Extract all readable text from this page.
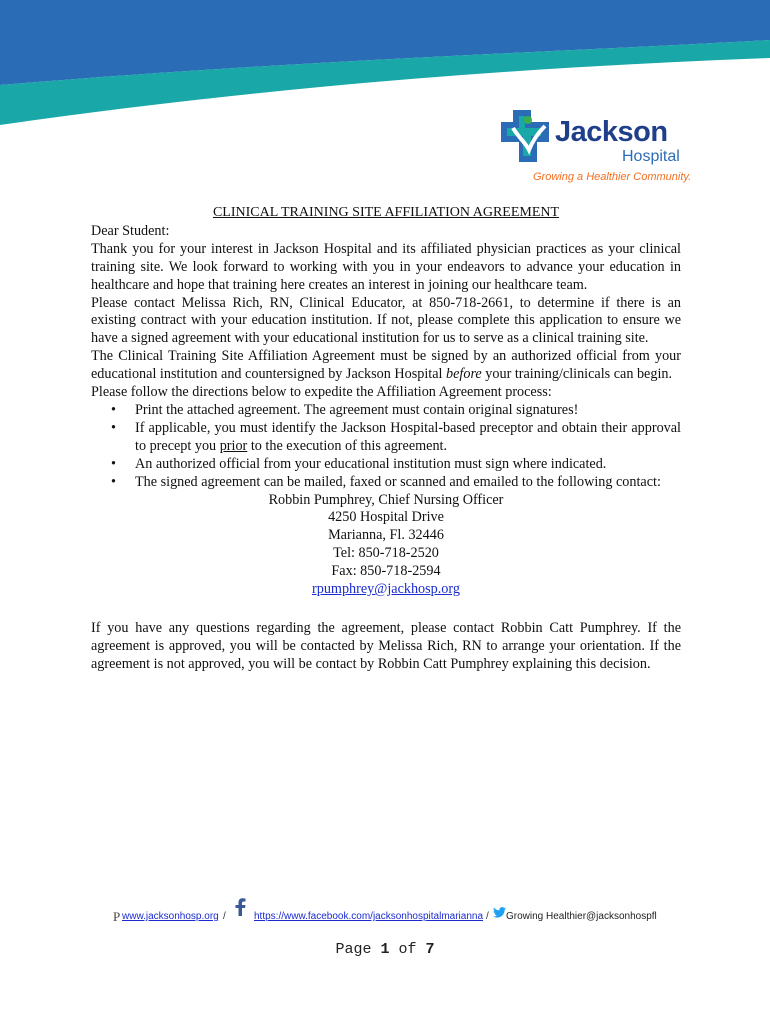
Jackson
Hospital
Growing a Healthier Community.
CLINICAL TRAINING SITE AFFILIATION AGREEMENT

Dear Student:

Thank you for your interest in Jackson Hospital and its affiliated physician practices as your clinical training site. We look forward to working with you in your endeavors to advance your education in healthcare and hope that training here creates an interest in joining our healthcare team.

Please contact Melissa Rich, RN, Clinical Educator, at 850-718-2661, to determine if there is an existing contract with your education institution. If not, please complete this application to ensure we have a signed agreement with your educational institution for us to serve as a clinical training site.

The Clinical Training Site Affiliation Agreement must be signed by an authorized official from your educational institution and countersigned by Jackson Hospital before your training/clinicals can begin.

Please follow the directions below to expedite the Affiliation Agreement process:

• Print the attached agreement. The agreement must contain original signatures!
• If applicable, you must identify the Jackson Hospital-based preceptor and obtain their approval to precept you prior to the execution of this agreement.
• An authorized official from your educational institution must sign where indicated.
• The signed agreement can be mailed, faxed or scanned and emailed to the following contact:
Robbin Pumphrey, Chief Nursing Officer
4250 Hospital Drive
Marianna, Fl. 32446
Tel: 850-718-2520
Fax: 850-718-2594
rpumphrey@jackhosp.org

If you have any questions regarding the agreement, please contact Robbin Catt Pumphrey. If the agreement is approved, you will be contacted by Melissa Rich, RN to arrange your orientation. If the agreement is not approved, you will be contact by Robbin Catt Pumphrey explaining this decision.

P www.jacksonhosp.org /	https://www.facebook.com/jacksonhospitalmarianna / Growing Healthier@jacksonhospfl
Page 1 of 7
